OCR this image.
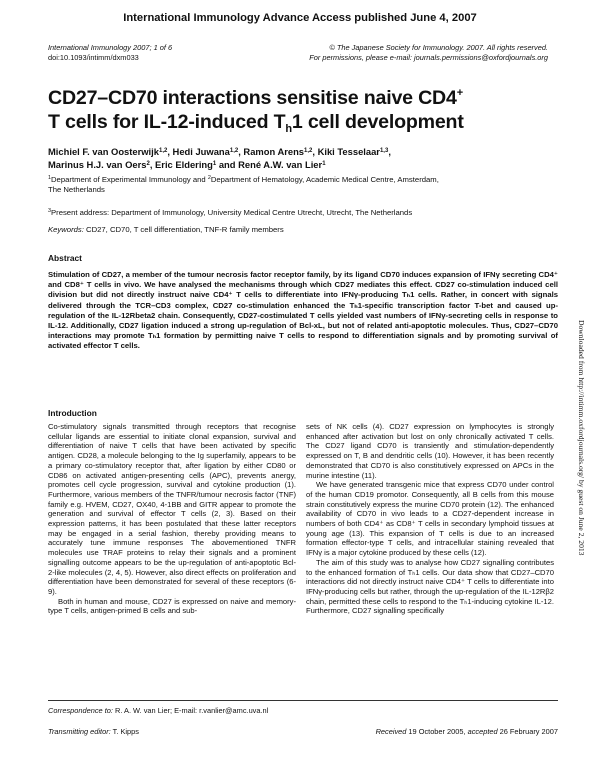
International Immunology Advance Access published June 4, 2007
International Immunology 2007; 1 of 6
doi:10.1093/intimm/dxm033
© The Japanese Society for Immunology. 2007. All rights reserved.
For permissions, please e-mail: journals.permissions@oxfordjournals.org
CD27–CD70 interactions sensitise naive CD4+
T cells for IL-12-induced $T_h1$ cell development
Michiel F. van Oosterwijk$^{1,2}$, Hedi Juwana$^{1,2}$, Ramon Arens$^{1,2}$, Kiki Tesselaar$^{1,3}$,
Marinus H.J. van Oers$^2$, Eric Eldering$^1$ and René A.W. van Lier$^1$
$^1$Department of Experimental Immunology and $^2$Department of Hematology, Academic Medical Centre, Amsterdam,
The Netherlands
$^3$Present address: Department of Immunology, University Medical Centre Utrecht, Utrecht, The Netherlands
Keywords: CD27, CD70, T cell differentiation, TNF-R family members
Abstract

Stimulation of CD27, a member of the tumour necrosis factor receptor family, by its ligand CD70 induces expansion of IFNγ secreting CD4⁺ and CD8⁺ T cells in vivo. We have analysed the mechanisms through which CD27 mediates this effect. CD27 co-stimulation induced cell division but did not directly instruct naive CD4⁺ T cells to differentiate into IFNγ-producing Tₕ1 cells. Rather, in concert with signals delivered through the TCR–CD3 complex, CD27 co-stimulation enhanced the Tₕ1-specific transcription factor T-bet and caused up-regulation of the IL-12Rbeta2 chain. Consequently, CD27-costimulated T cells yielded vast numbers of IFNγ-secreting cells in response to IL-12. Additionally, CD27 ligation induced a strong up-regulation of Bcl-xL, but not of related anti-apoptotic molecules. Thus, CD27–CD70 interactions may promote Tₕ1 formation by permitting naive T cells to respond to differentiation signals and by promoting survival of activated effector T cells.

Introduction

Co-stimulatory signals transmitted through receptors that recognise cellular ligands are essential to initiate clonal expansion, survival and differentiation of naive T cells that have been activated by specific antigen. CD28, a molecule belonging to the Ig superfamily, appears to be a primary co-stimulatory receptor that, after ligation by either CD80 or CD86 on activated antigen-presenting cells (APC), prevents anergy, promotes cell cycle progression, survival and cytokine production (1). Furthermore, various members of the TNFR/tumour necrosis factor (TNF) family e.g. HVEM, CD27, OX40, 4-1BB and GITR appear to promote the generation and survival of effector T cells (2, 3). Based on their expression patterns, it has been postulated that these latter receptors may be engaged in a serial fashion, thereby providing means to accurately tune immune responses The abovementioned TNFR molecules use TRAF proteins to relay their signals and a prominent signalling outcome appears to be the up-regulation of anti-apoptotic Bcl-2-like molecules (2, 4, 5). However, also direct effects on proliferation and differentiation have been demonstrated for several of these receptors (6-9).

Both in human and mouse, CD27 is expressed on naive and memory-type T cells, antigen-primed B cells and sub-

sets of NK cells (4). CD27 expression on lymphocytes is strongly enhanced after activation but lost on only chronically activated T cells. The CD27 ligand CD70 is transiently and stimulation-dependently expressed on T, B and dendritic cells (10). However, it has been recently demonstrated that CD70 is also constitutively expressed on APCs in the murine intestine (11).

We have generated transgenic mice that express CD70 under control of the human CD19 promotor. Consequently, all B cells from this mouse strain constitutively express the murine CD70 protein (12). The enhanced availability of CD70 in vivo leads to a CD27-dependent increase in numbers of both CD4⁺ as CD8⁺ T cells in secondary lymphoid tissues at young age (13). This expansion of T cells is due to an increased formation effector-type T cells, and intracellular staining revealed that IFNγ is a major cytokine produced by these cells (12).

The aim of this study was to analyse how CD27 signalling contributes to the enhanced formation of Tₕ1 cells. Our data show that CD27–CD70 interactions did not directly instruct naive CD4⁺ T cells to differentiate into IFNγ-producing cells but rather, through the up-regulation of the IL-12Rβ2 chain, permitted these cells to respond to the Tₕ1-inducing cytokine IL-12. Furthermore, CD27 signalling specifically

Correspondence to: R. A. W. van Lier; E-mail: r.vanlier@amc.uva.nl
Transmitting editor: T. Kipps	Received 19 October 2005, accepted 26 February 2007
Downloaded from http://intimm.oxfordjournals.org/ by guest on June 2, 2013
